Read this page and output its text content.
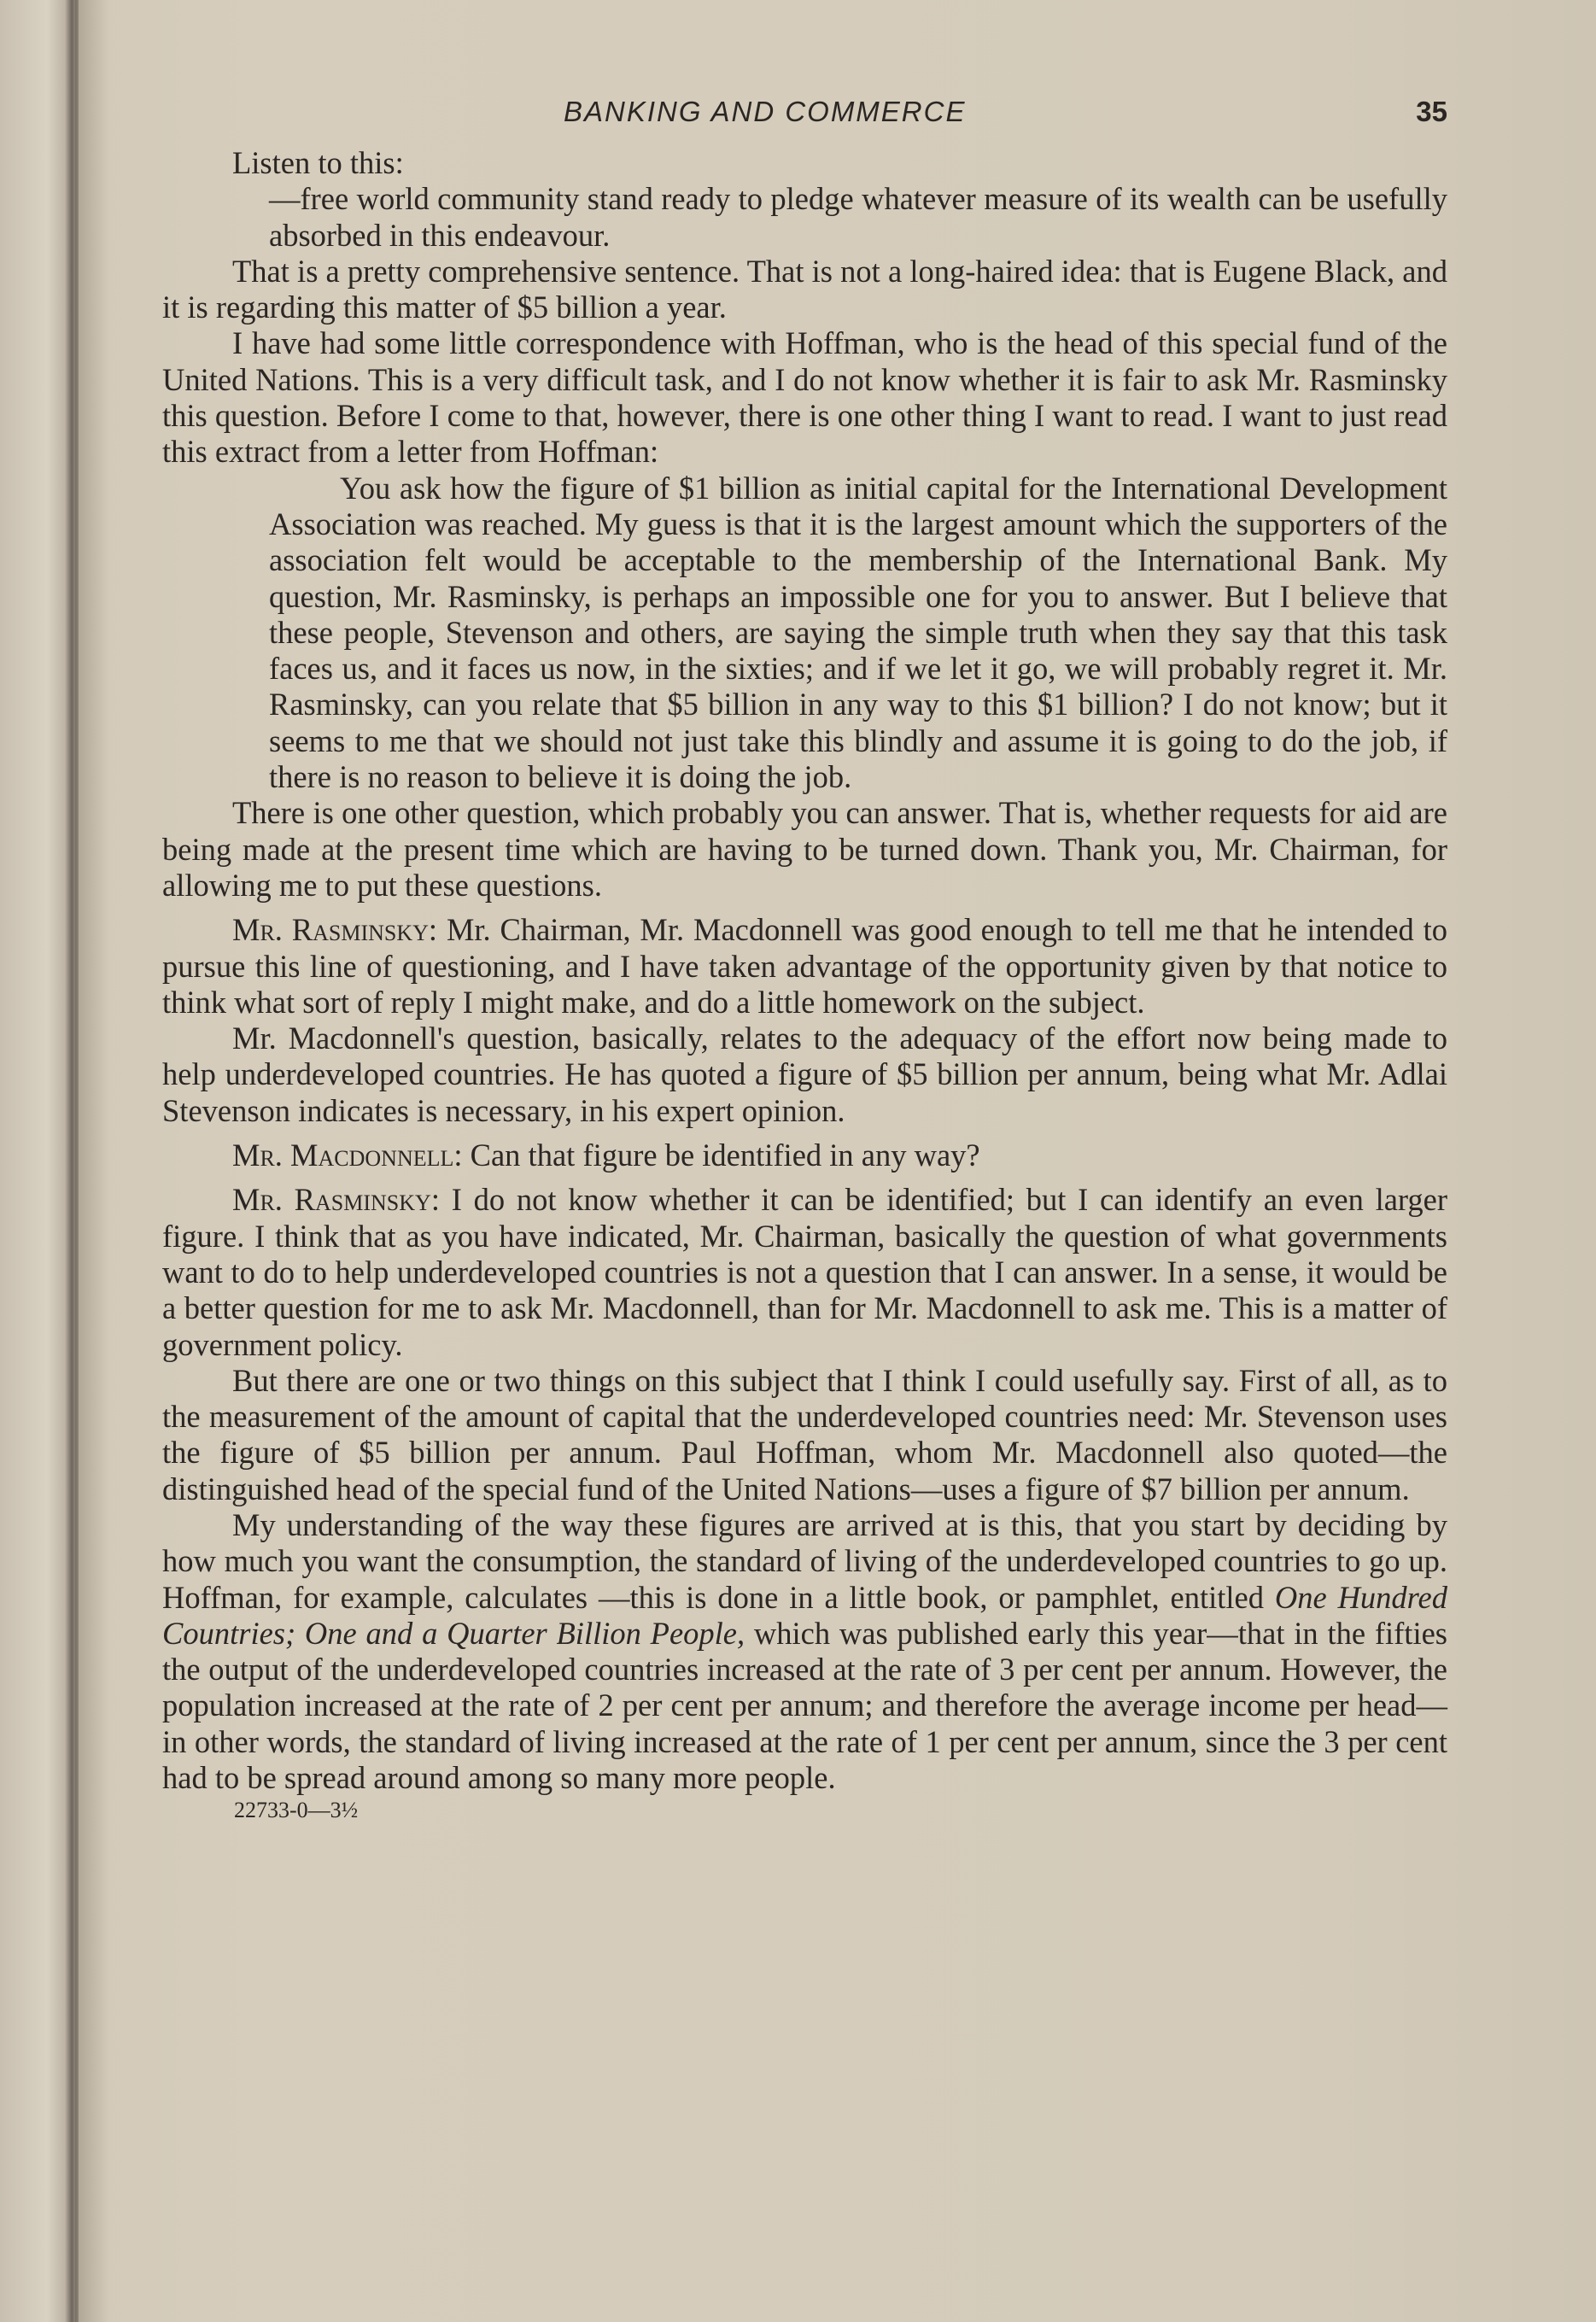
BANKING AND COMMERCE	35

Listen to this:

—free world community stand ready to pledge whatever measure of its wealth can be usefully absorbed in this endeavour.

That is a pretty comprehensive sentence. That is not a long-haired idea: that is Eugene Black, and it is regarding this matter of $5 billion a year.

I have had some little correspondence with Hoffman, who is the head of this special fund of the United Nations. This is a very difficult task, and I do not know whether it is fair to ask Mr. Rasminsky this question. Before I come to that, however, there is one other thing I want to read. I want to just read this extract from a letter from Hoffman:

You ask how the figure of $1 billion as initial capital for the International Development Association was reached. My guess is that it is the largest amount which the supporters of the association felt would be acceptable to the membership of the International Bank. My question, Mr. Rasminsky, is perhaps an impossible one for you to answer. But I believe that these people, Stevenson and others, are saying the simple truth when they say that this task faces us, and it faces us now, in the sixties; and if we let it go, we will probably regret it. Mr. Rasminsky, can you relate that $5 billion in any way to this $1 billion? I do not know; but it seems to me that we should not just take this blindly and assume it is going to do the job, if there is no reason to believe it is doing the job.

There is one other question, which probably you can answer. That is, whether requests for aid are being made at the present time which are having to be turned down. Thank you, Mr. Chairman, for allowing me to put these questions.

Mr. Rasminsky: Mr. Chairman, Mr. Macdonnell was good enough to tell me that he intended to pursue this line of questioning, and I have taken advantage of the opportunity given by that notice to think what sort of reply I might make, and do a little homework on the subject.

Mr. Macdonnell's question, basically, relates to the adequacy of the effort now being made to help underdeveloped countries. He has quoted a figure of $5 billion per annum, being what Mr. Adlai Stevenson indicates is necessary, in his expert opinion.

Mr. Macdonnell: Can that figure be identified in any way?

Mr. Rasminsky: I do not know whether it can be identified; but I can identify an even larger figure. I think that as you have indicated, Mr. Chairman, basically the question of what governments want to do to help underdeveloped countries is not a question that I can answer. In a sense, it would be a better question for me to ask Mr. Macdonnell, than for Mr. Macdonnell to ask me. This is a matter of government policy.

But there are one or two things on this subject that I think I could usefully say. First of all, as to the measurement of the amount of capital that the underdeveloped countries need: Mr. Stevenson uses the figure of $5 billion per annum. Paul Hoffman, whom Mr. Macdonnell also quoted—the distinguished head of the special fund of the United Nations—uses a figure of $7 billion per annum.

My understanding of the way these figures are arrived at is this, that you start by deciding by how much you want the consumption, the standard of living of the underdeveloped countries to go up. Hoffman, for example, calculates —this is done in a little book, or pamphlet, entitled One Hundred Countries; One and a Quarter Billion People, which was published early this year—that in the fifties the output of the underdeveloped countries increased at the rate of 3 per cent per annum. However, the population increased at the rate of 2 per cent per annum; and therefore the average income per head—in other words, the standard of living increased at the rate of 1 per cent per annum, since the 3 per cent had to be spread around among so many more people.

22733-0—3½
